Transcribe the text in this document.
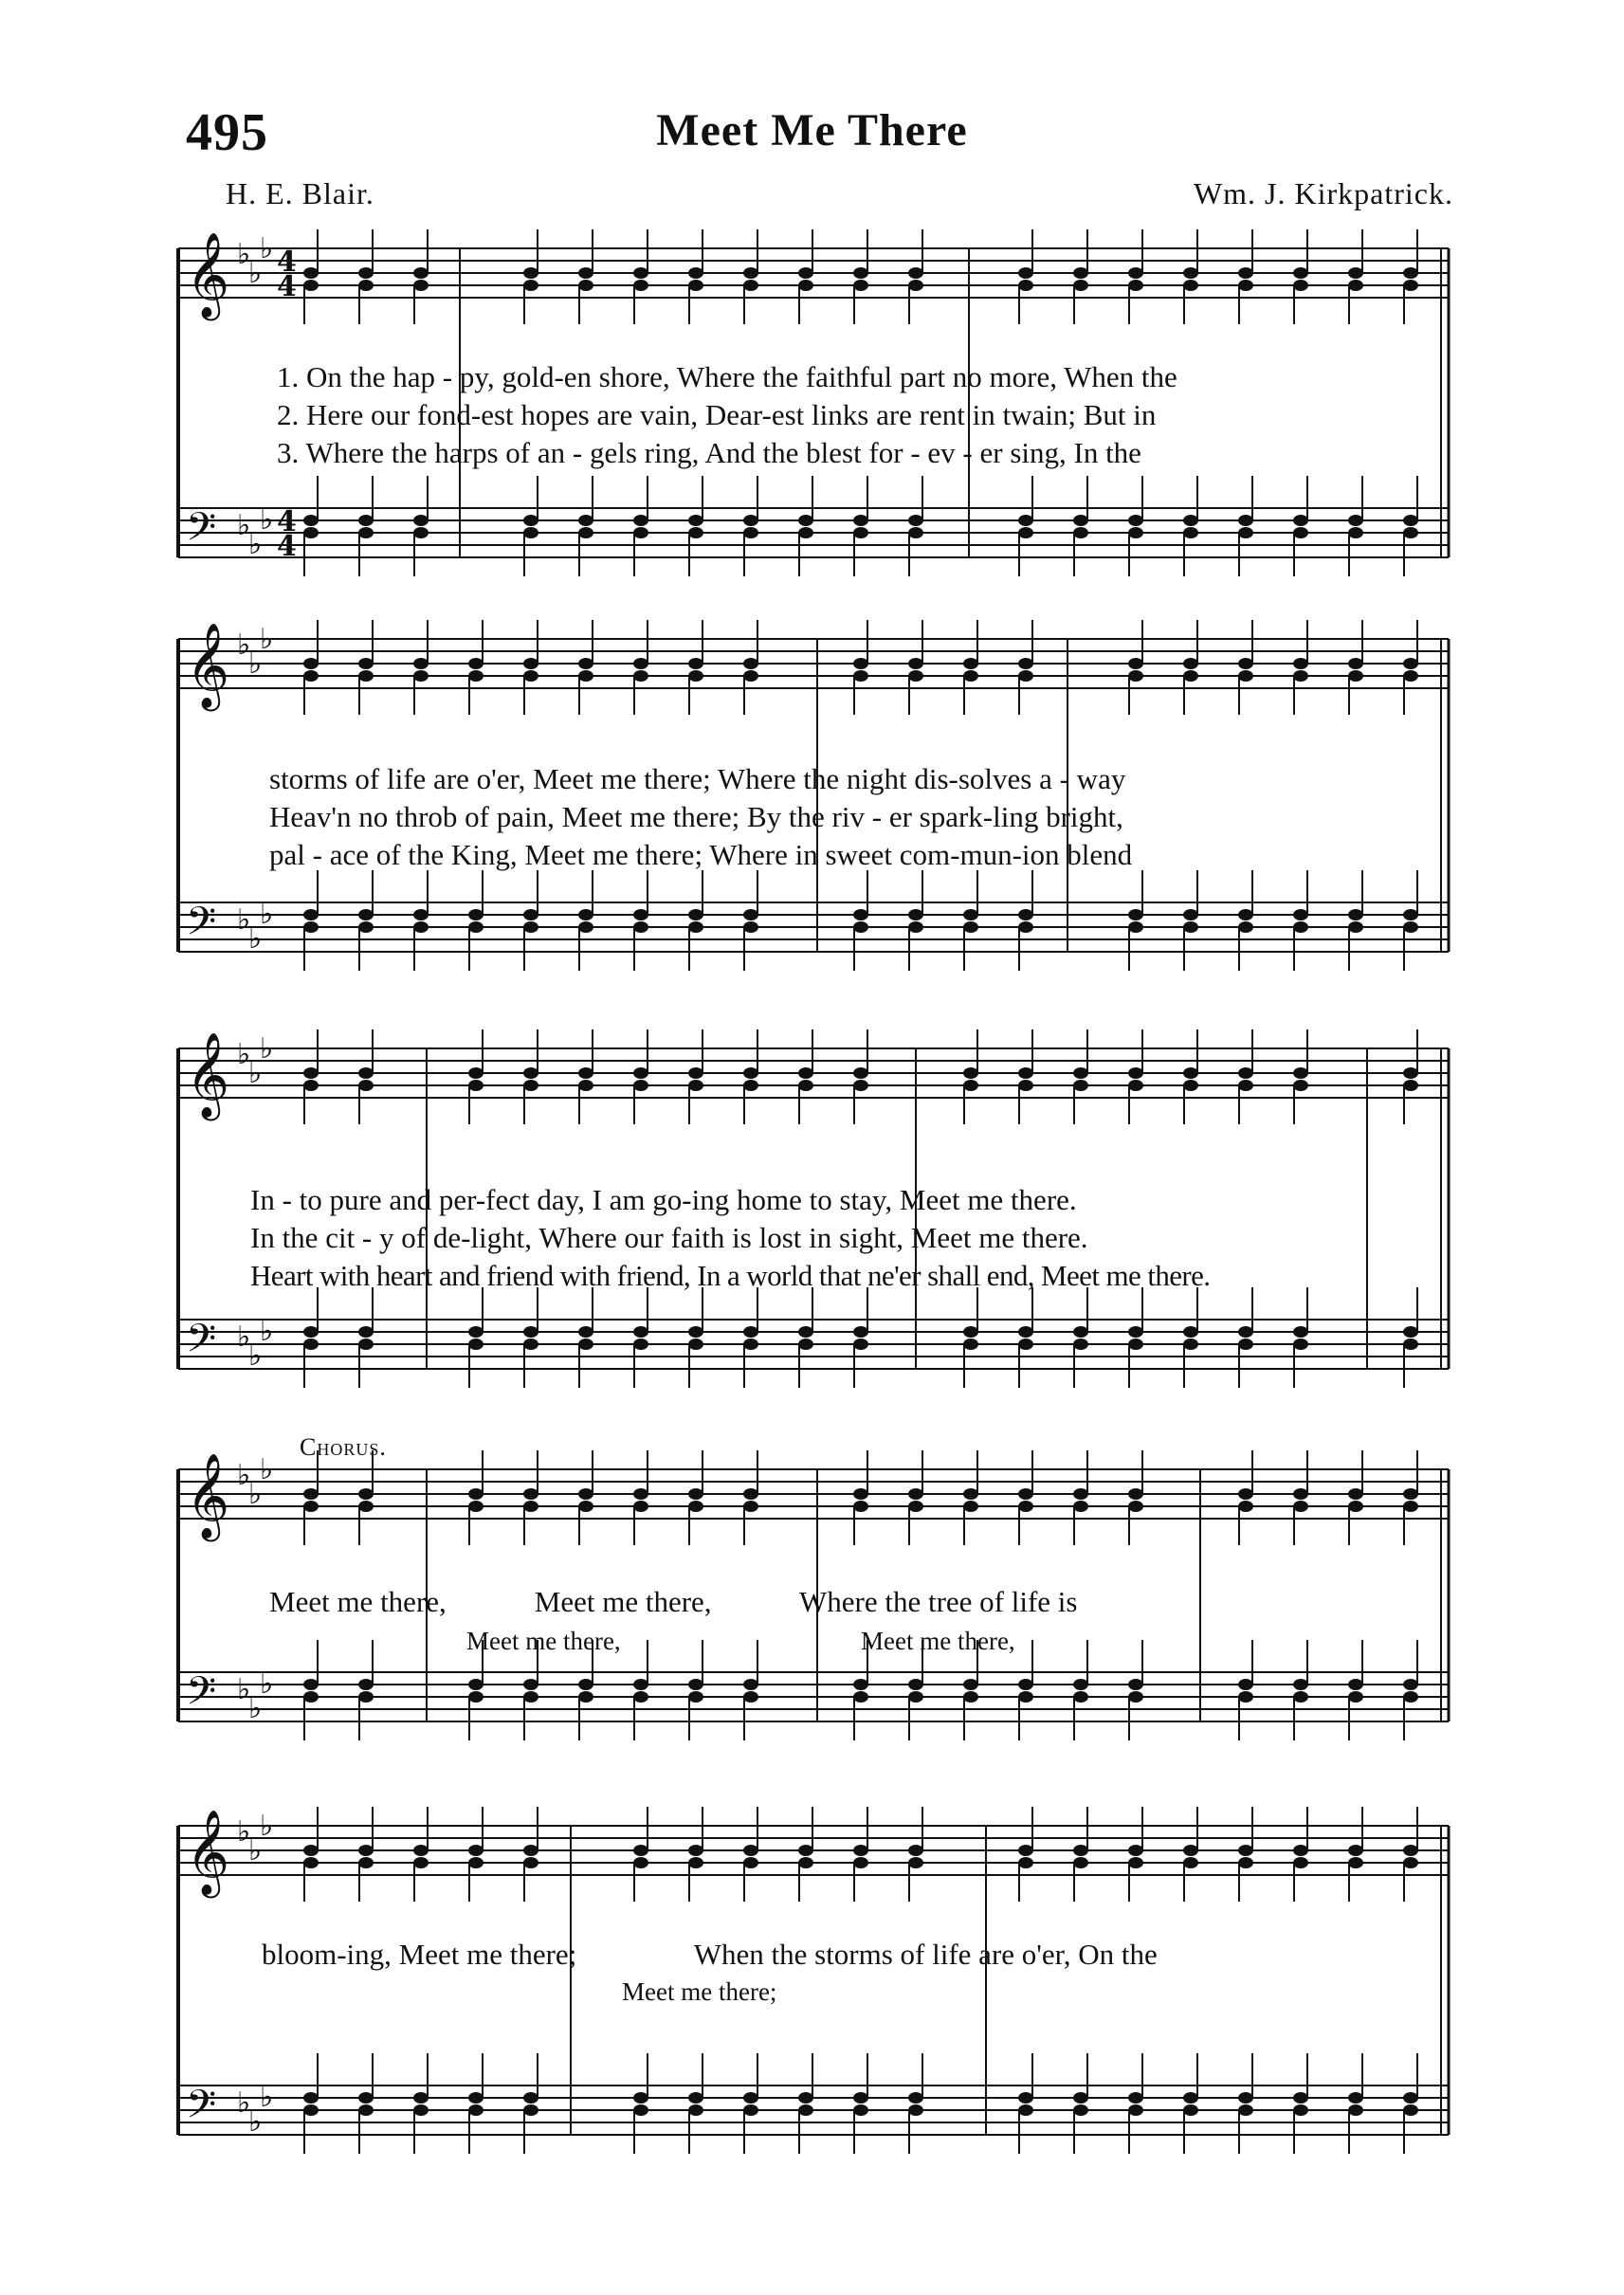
495	Meet Me There
H. E. Blair.	Wm. J. Kirkpatrick.
𝄞 ♭
♭
♭ 4
4
𝄢 ♭
♭
♭ 4
4
𝄞 ♭
♭
♭
𝄢 ♭
♭
♭
𝄞 ♭
♭
♭
𝄢 ♭
♭
♭
𝄞 ♭
♭
♭
𝄢 ♭
♭
♭
𝄞 ♭
♭
♭
𝄢 ♭
♭
♭
1. On the hap - py, gold-en shore, Where the faithful part no more, When the
2. Here our fond-est hopes are vain, Dear-est links are rent in twain; But in
3. Where the harps of an - gels ring, And the blest for - ev - er sing, In the
storms of life are o'er, Meet me there; Where the night dis-solves a - way
Heav'n no throb of pain, Meet me there; By the riv - er spark-ling bright,
pal - ace of the King, Meet me there; Where in sweet com-mun-ion blend
In - to pure and per-fect day, I am go-ing home to stay, Meet me there.
In the cit - y of de-light, Where our faith is lost in sight, Meet me there.
Heart with heart and friend with friend, In a world that ne'er shall end, Meet me there.
Chorus.
Meet me there,            Meet me there,            Where the tree of life is
Meet me there,	Meet me there,
bloom-ing, Meet me there;                When the storms of life are o'er, On the
Meet me there;
